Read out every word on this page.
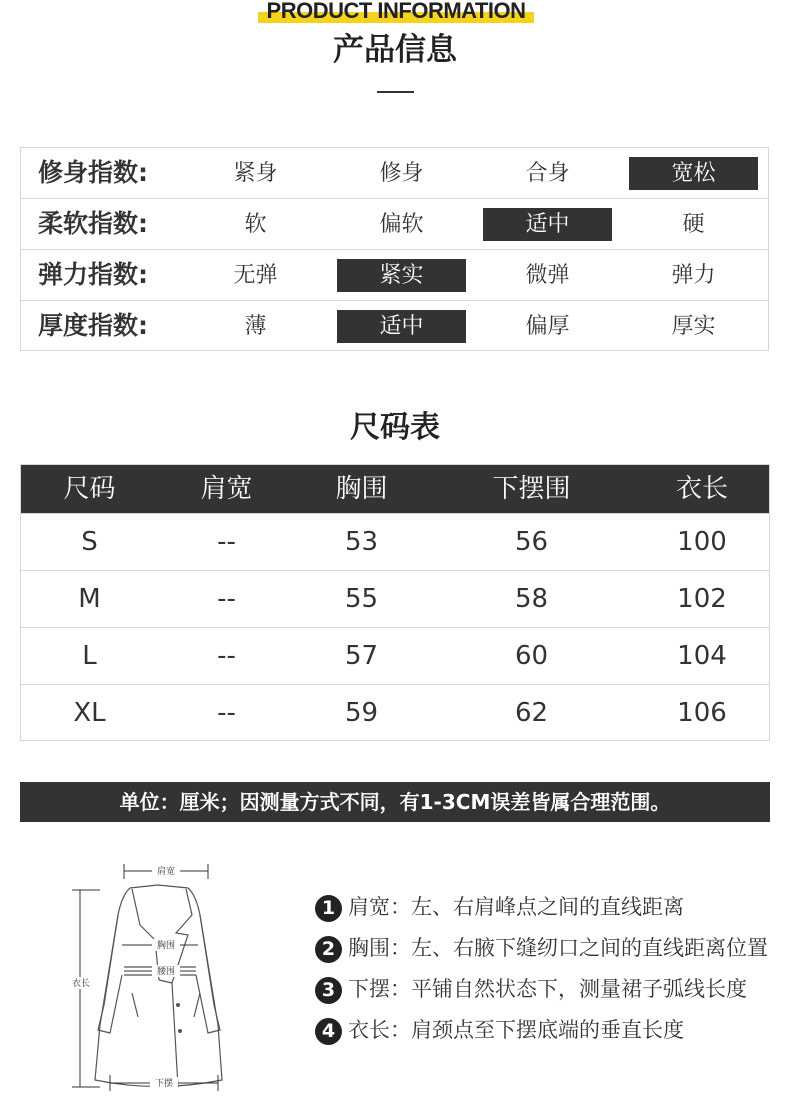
PRODUCT INFORMATION
产品信息
修身指数:	紧身	修身	合身	宽松
柔软指数:	软	偏软	适中	硬
弹力指数:	无弹	紧实	微弹	弹力
厚度指数:	薄	适中	偏厚	厚实
尺码表
尺码	肩宽	胸围	下摆围	衣长
S	--	53	56	100
M	--	55	58	102
L	--	57	60	104
XL	--	59	62	106
单位：厘米；因测量方式不同，有1-3CM误差皆属合理范围。
肩宽
胸围
腰围
下摆
衣长
1 肩宽：左、右肩峰点之间的直线距离
2 胸围：左、右腋下缝纫口之间的直线距离位置
3 下摆：平铺自然状态下，测量裙子弧线长度
4 衣长：肩颈点至下摆底端的垂直长度
